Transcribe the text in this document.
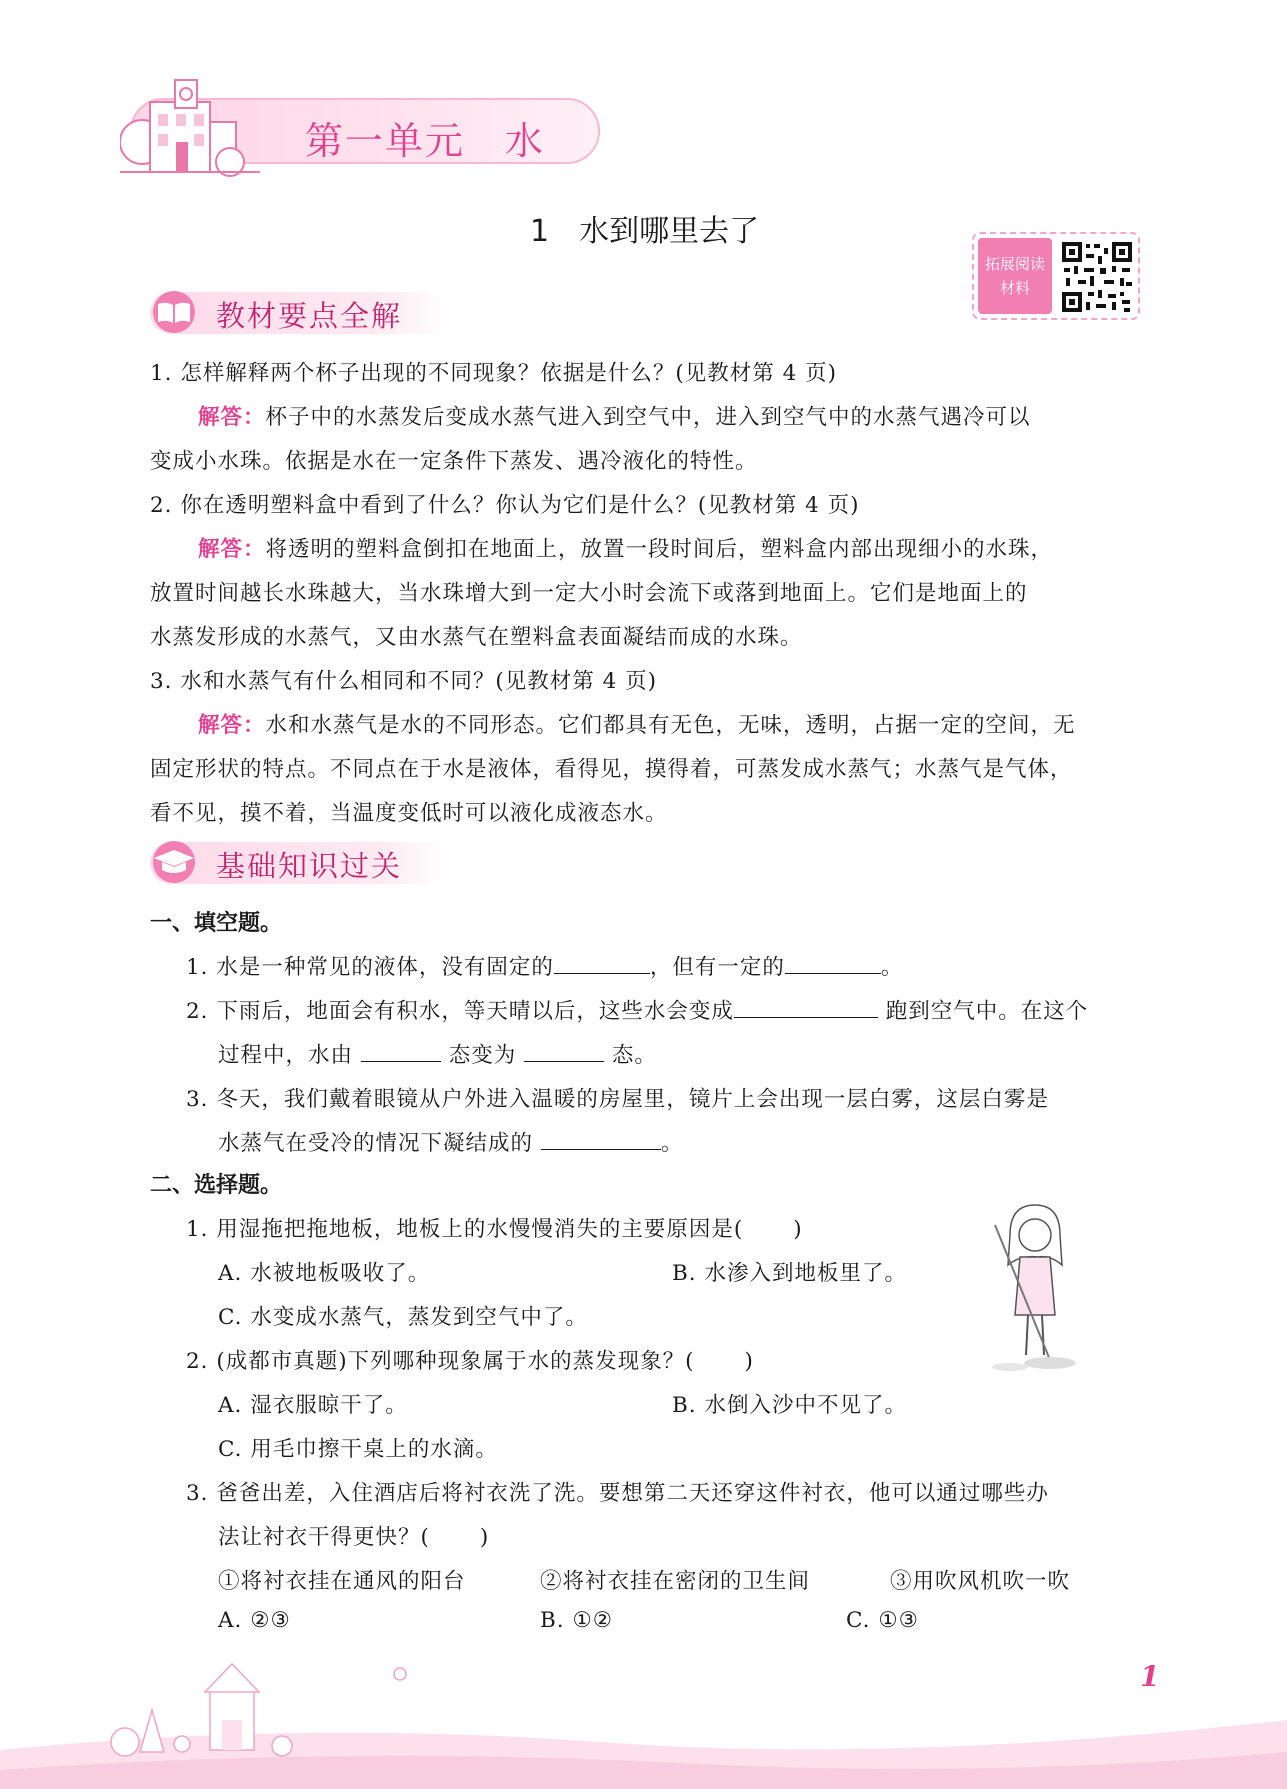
第一单元　水
1　水到哪里去了
拓展阅读
材料
教材要点全解
1. 怎样解释两个杯子出现的不同现象？依据是什么？(见教材第 4 页)
解答：杯子中的水蒸发后变成水蒸气进入到空气中，进入到空气中的水蒸气遇冷可以
变成小水珠。依据是水在一定条件下蒸发、遇冷液化的特性。
2. 你在透明塑料盒中看到了什么？你认为它们是什么？(见教材第 4 页)
解答：将透明的塑料盒倒扣在地面上，放置一段时间后，塑料盒内部出现细小的水珠，
放置时间越长水珠越大，当水珠增大到一定大小时会流下或落到地面上。它们是地面上的
水蒸发形成的水蒸气，又由水蒸气在塑料盒表面凝结而成的水珠。
3. 水和水蒸气有什么相同和不同？(见教材第 4 页)
解答：水和水蒸气是水的不同形态。它们都具有无色，无味，透明，占据一定的空间，无
固定形状的特点。不同点在于水是液体，看得见，摸得着，可蒸发成水蒸气；水蒸气是气体，
看不见，摸不着，当温度变低时可以液化成液态水。
基础知识过关
一、填空题。
1. 水是一种常见的液体，没有固定的	，但有一定的	。
2. 下雨后，地面会有积水，等天晴以后，这些水会变成	跑到空气中。在这个
过程中，水由	态变为	态。
3. 冬天，我们戴着眼镜从户外进入温暖的房屋里，镜片上会出现一层白雾，这层白雾是
水蒸气在受冷的情况下凝结成的	。
二、选择题。
1. 用湿拖把拖地板，地板上的水慢慢消失的主要原因是( )
A. 水被地板吸收了。	B. 水渗入到地板里了。
C. 水变成水蒸气，蒸发到空气中了。
2. (成都市真题)下列哪种现象属于水的蒸发现象？( )
A. 湿衣服晾干了。	B. 水倒入沙中不见了。
C. 用毛巾擦干桌上的水滴。
3. 爸爸出差，入住酒店后将衬衣洗了洗。要想第二天还穿这件衬衣，他可以通过哪些办
法让衬衣干得更快？( )
①将衬衣挂在通风的阳台	②将衬衣挂在密闭的卫生间	③用吹风机吹一吹
A. ②③	B. ①②	C. ①③
1
